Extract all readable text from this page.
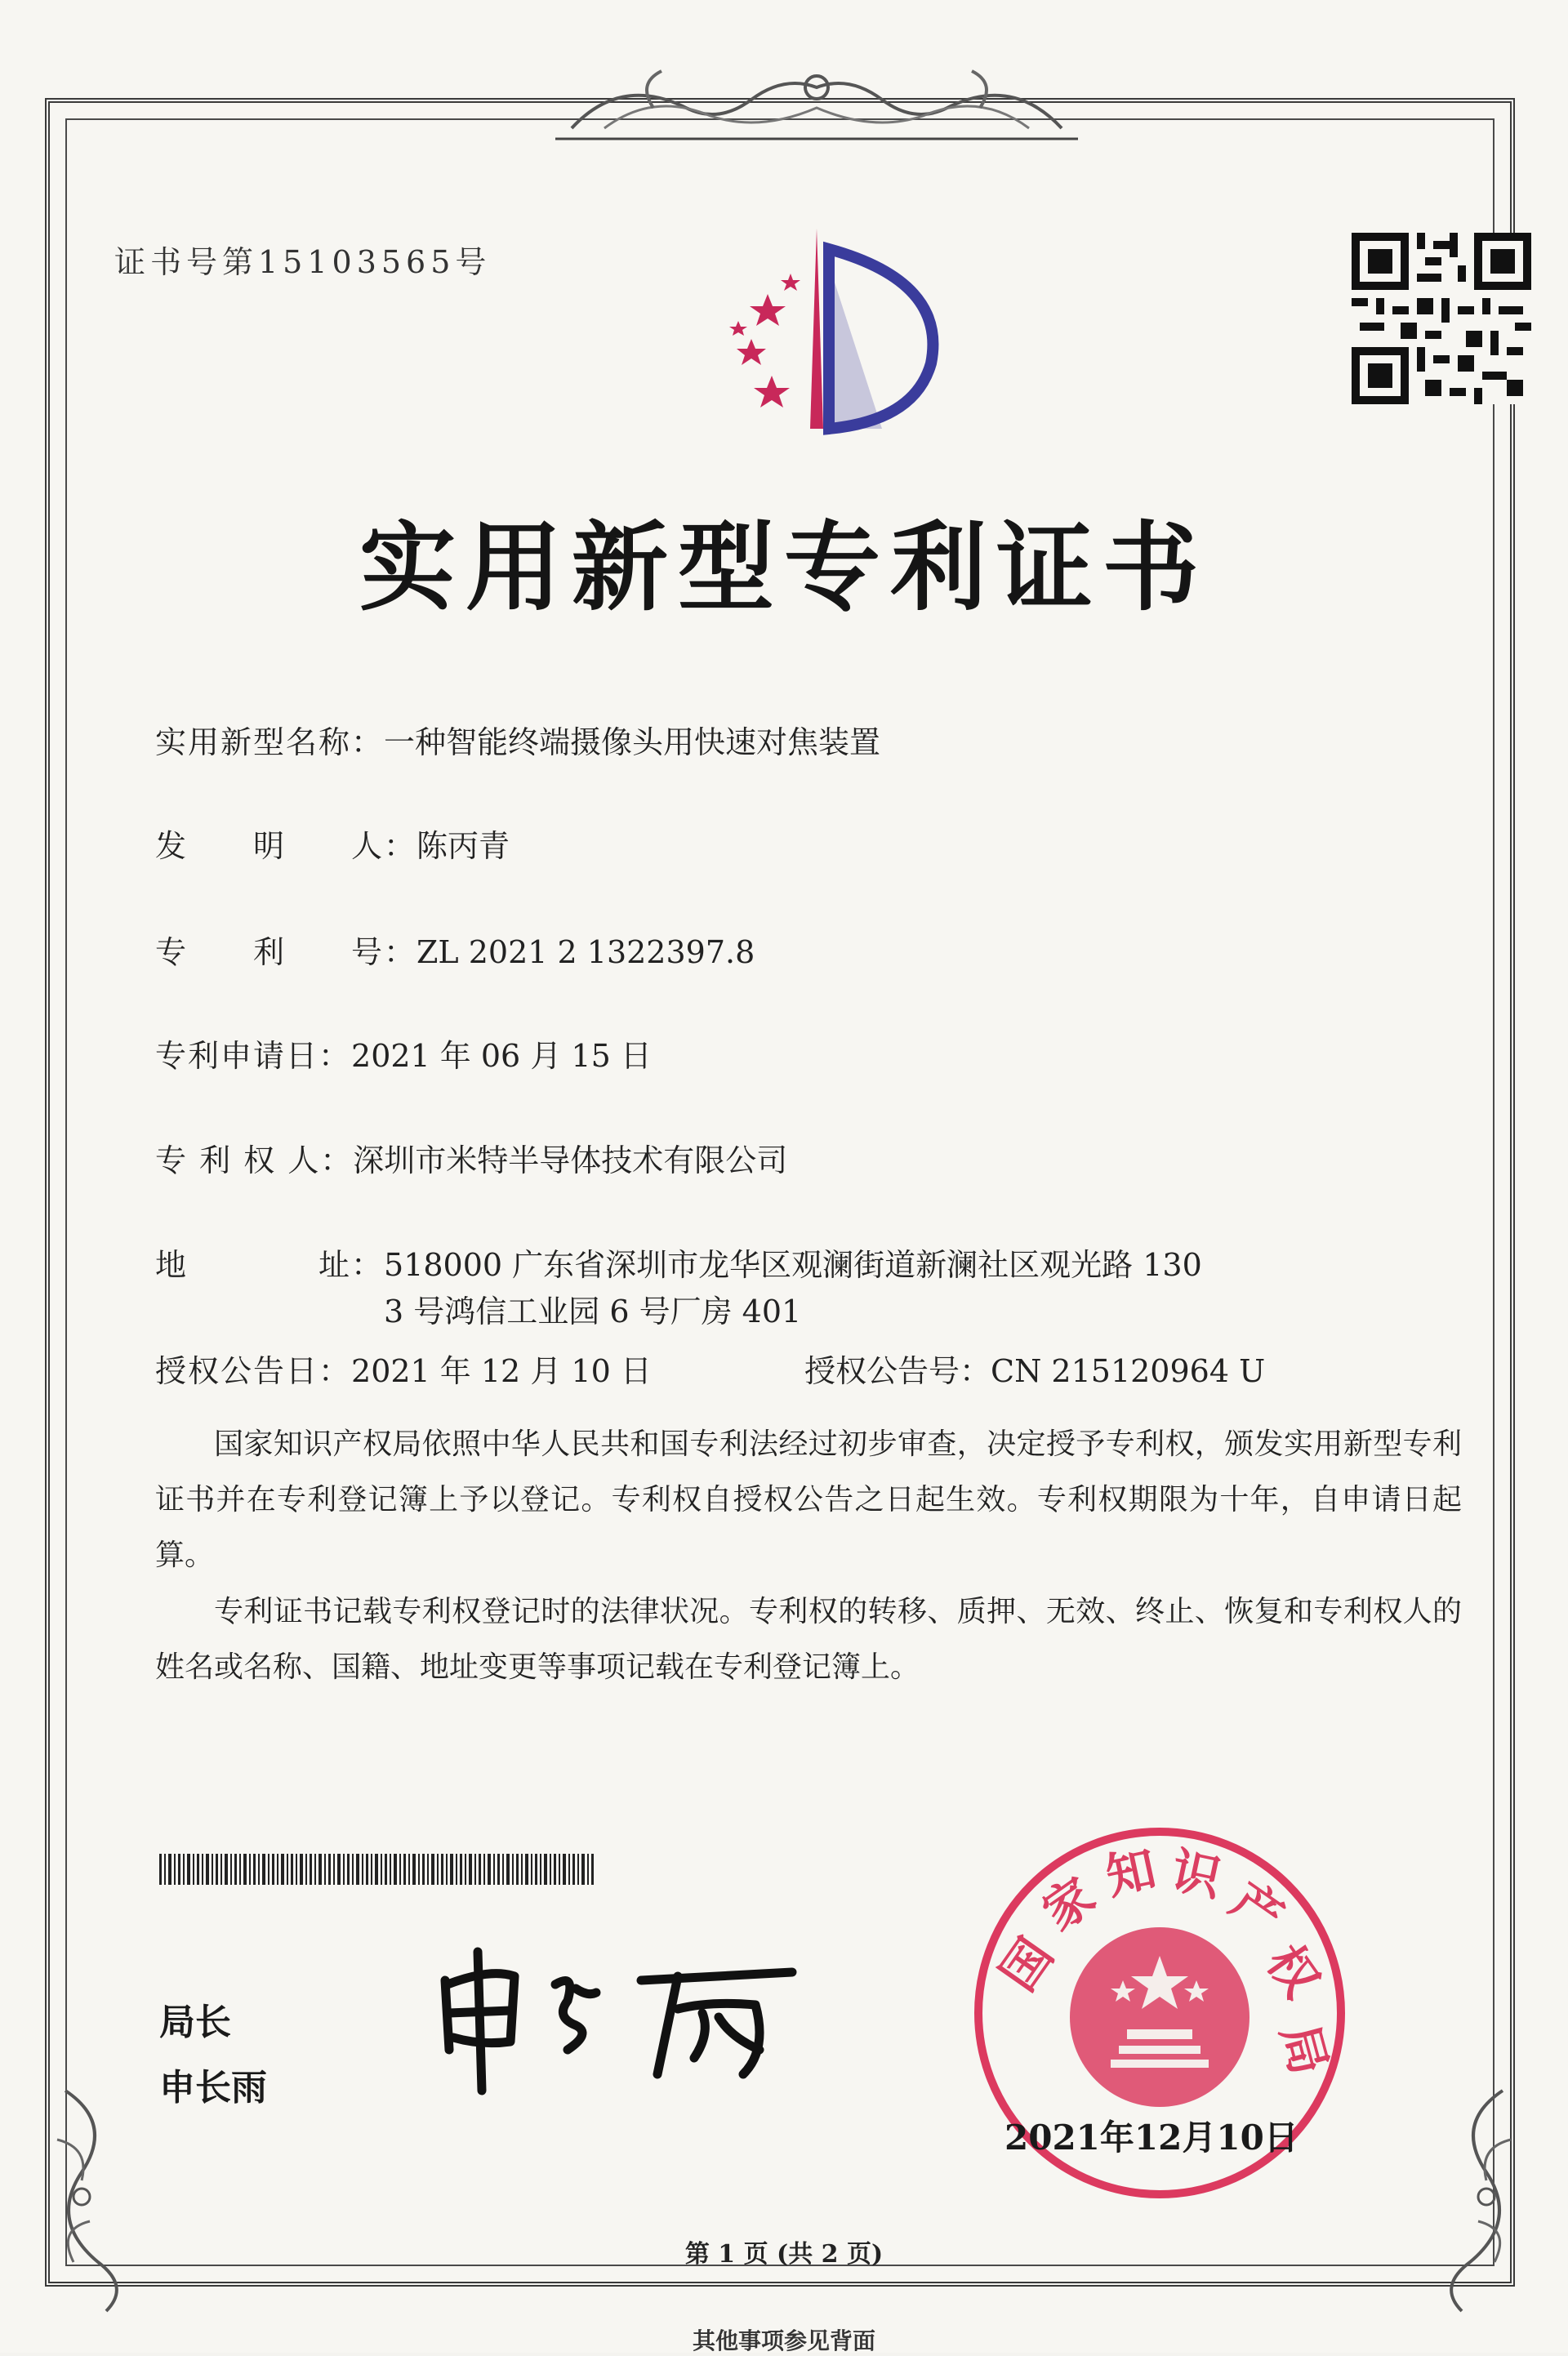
证书号第15103565号
实用新型专利证书
实用新型名称：一种智能终端摄像头用快速对焦装置
发　　明　　人：陈丙青
专　　利　　号：ZL 2021 2 1322397.8
专利申请日：2021 年 06 月 15 日
专 利 权 人：深圳市米特半导体技术有限公司
地　　　　址：518000 广东省深圳市龙华区观澜街道新澜社区观光路 130
3 号鸿信工业园 6 号厂房 401
授权公告日：2021 年 12 月 10 日	授权公告号：CN 215120964 U
国家知识产权局依照中华人民共和国专利法经过初步审查，决定授予专利权，颁发实用新型专利证书并在专利登记簿上予以登记。专利权自授权公告之日起生效。专利权期限为十年，自申请日起算。
专利证书记载专利权登记时的法律状况。专利权的转移、质押、无效、终止、恢复和专利权人的姓名或名称、国籍、地址变更等事项记载在专利登记簿上。
局长
申长雨
国
家
知 识
产
权
局
2021年12月10日
第 1 页 (共 2 页)
其他事项参见背面
